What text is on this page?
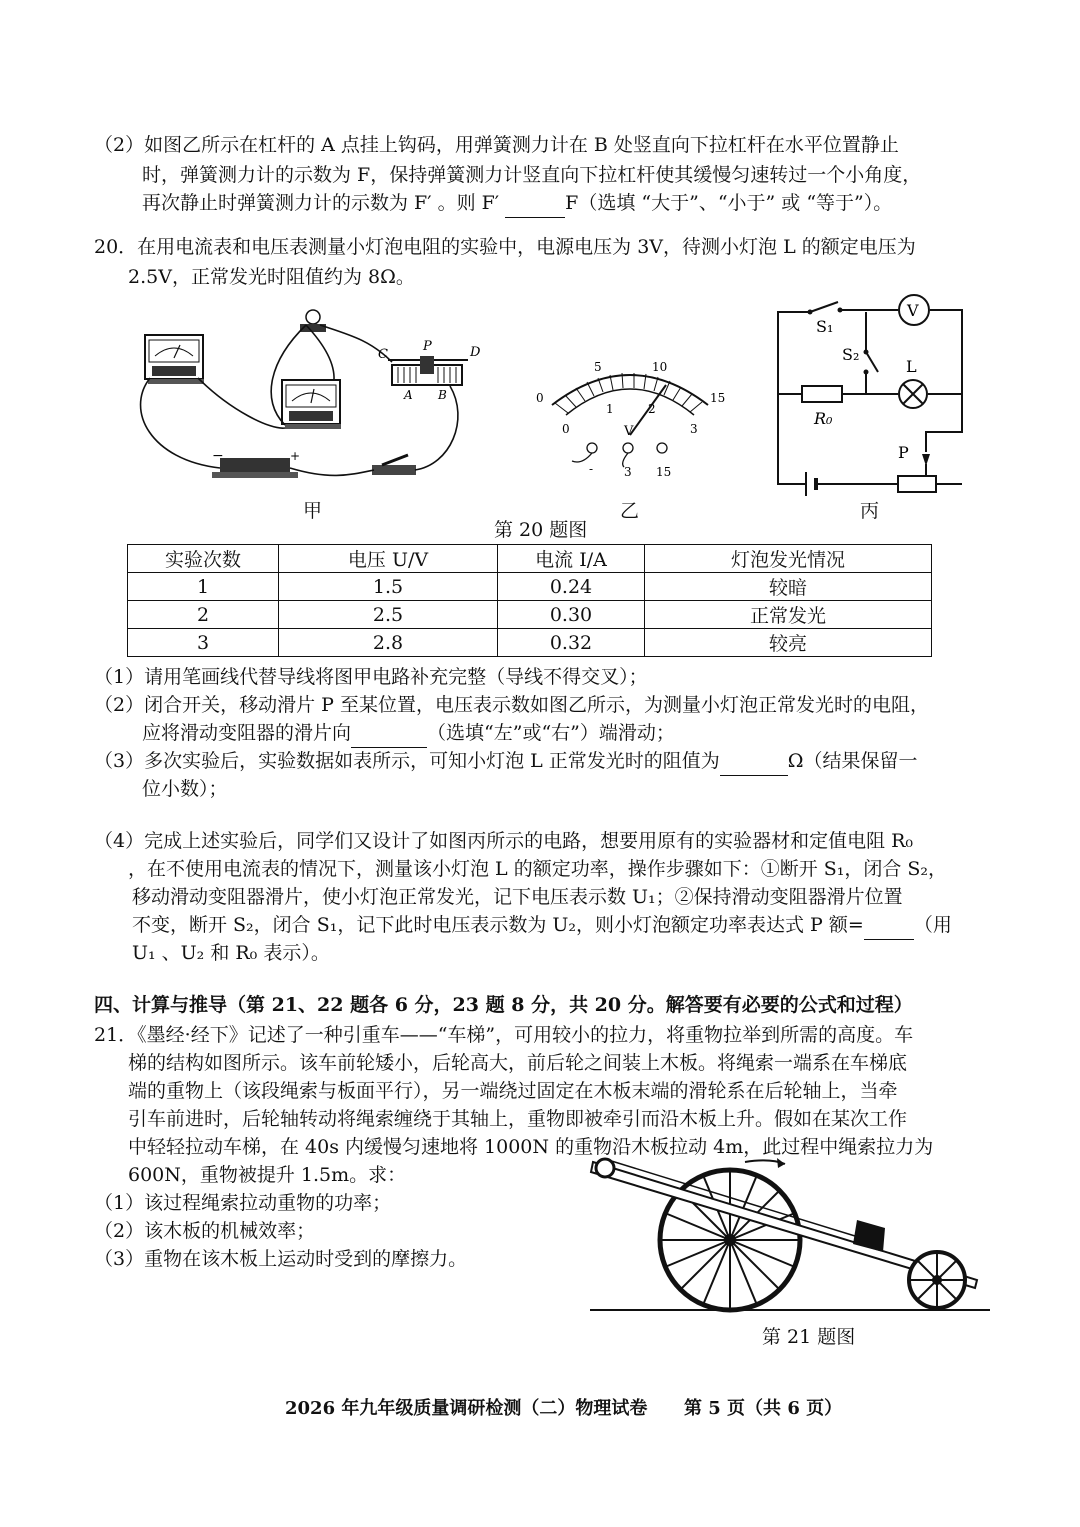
（2）如图乙所示在杠杆的 A 点挂上钩码，用弹簧测力计在 B 处竖直向下拉杠杆在水平位置静止
时，弹簧测力计的示数为 F，保持弹簧测力计竖直向下拉杠杆使其缓慢匀速转过一个小角度，
再次静止时弹簧测力计的示数为 F′ 。则 F′	F（选填 “大于”、“小于” 或 “等于”）。
20．在用电流表和电压表测量小灯泡电阻的实验中，电源电压为 3V，待测小灯泡 L 的额定电压为
2.5V，正常发光时阻值约为 8Ω。
C
P	D
A B
−	+
甲
0
5	10
15
0
1	2
3
V
-	3 15
乙
V
L
R₀
P
S₁
S₂
丙
第 20 题图
实验次数	电压 U/V	电流 I/A	灯泡发光情况
1	1.5	0.24	较暗
2	2.5	0.30	正常发光
3	2.8	0.32	较亮
（1）请用笔画线代替导线将图甲电路补充完整（导线不得交叉）；
（2）闭合开关，移动滑片 P 至某位置，电压表示数如图乙所示，为测量小灯泡正常发光时的电阻，
应将滑动变阻器的滑片向	（选填“左”或“右”）端滑动；
（3）多次实验后，实验数据如表所示，可知小灯泡 L 正常发光时的阻值为	Ω（结果保留一
位小数）；
（4）完成上述实验后，同学们又设计了如图丙所示的电路，想要用原有的实验器材和定值电阻 R₀
，在不使用电流表的情况下，测量该小灯泡 L 的额定功率，操作步骤如下：①断开 S₁，闭合 S₂，
移动滑动变阻器滑片，使小灯泡正常发光，记下电压表示数 U₁；②保持滑动变阻器滑片位置
不变，断开 S₂，闭合 S₁，记下此时电压表示数为 U₂，则小灯泡额定功率表达式 P 额=	（用
U₁ 、U₂ 和 R₀ 表示）。
四、计算与推导（第 21、22 题各 6 分，23 题 8 分，共 20 分。解答要有必要的公式和过程）
21．《墨经·经下》记述了一种引重车——“车梯”，可用较小的拉力，将重物拉举到所需的高度。车
梯的结构如图所示。该车前轮矮小，后轮高大，前后轮之间装上木板。将绳索一端系在车梯底
端的重物上（该段绳索与板面平行），另一端绕过固定在木板末端的滑轮系在后轮轴上，当牵
引车前进时，后轮轴转动将绳索缠绕于其轴上，重物即被牵引而沿木板上升。假如在某次工作
中轻轻拉动车梯，在 40s 内缓慢匀速地将 1000N 的重物沿木板拉动 4m，此过程中绳索拉力为
600N，重物被提升 1.5m。求：
（1）该过程绳索拉动重物的功率；
（2）该木板的机械效率；
（3）重物在该木板上运动时受到的摩擦力。
第 21 题图
2026 年九年级质量调研检测（二）物理试卷 第 5 页（共 6 页）
